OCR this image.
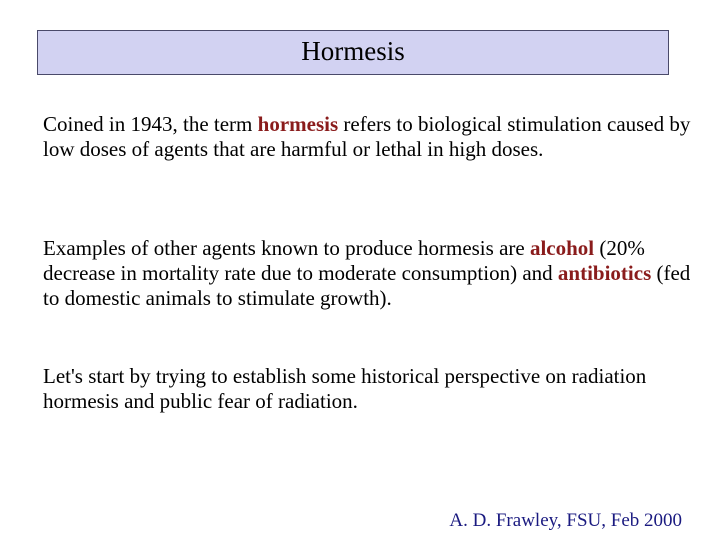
Hormesis

Coined in 1943, the term hormesis refers to biological stimulation caused by low doses of agents that are harmful or lethal in high doses.

Examples of other agents known to produce hormesis are alcohol (20% decrease in mortality rate due to moderate consumption) and antibiotics (fed to domestic animals to stimulate growth).

Let's start by trying to establish some historical perspective on radiation hormesis and public fear of radiation.

A. D. Frawley, FSU, Feb 2000
